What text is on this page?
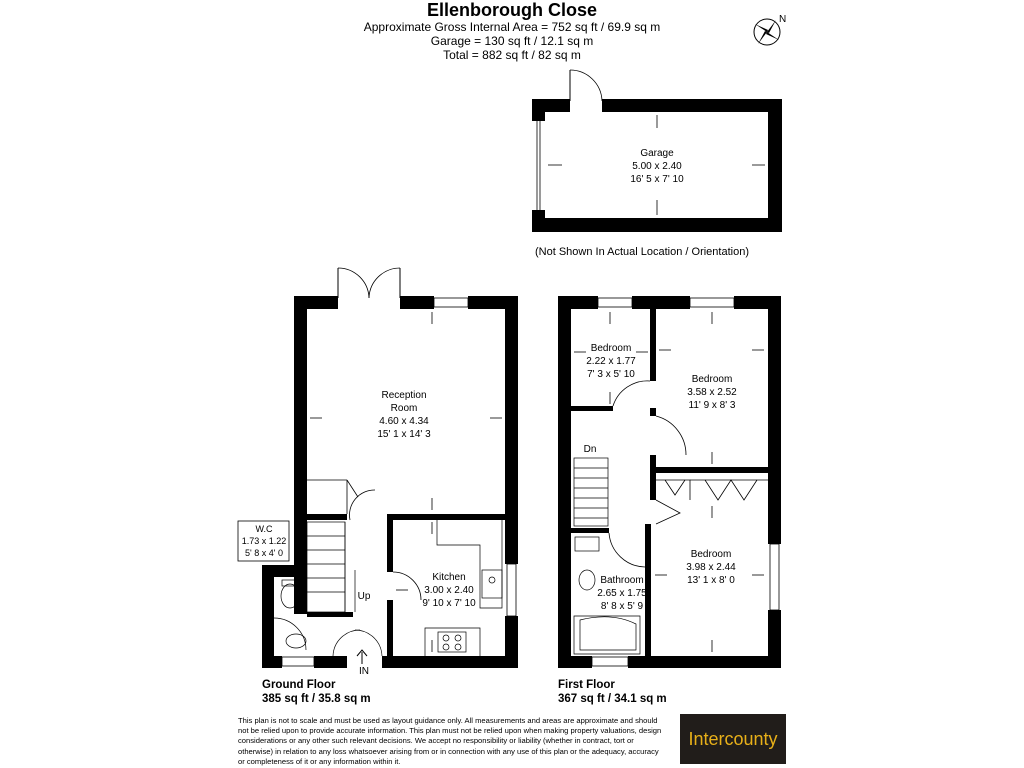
Ellenborough Close
Approximate Gross Internal Area = 752 sq ft / 69.9 sq m
Garage = 130 sq ft / 12.1 sq m
Total = 882 sq ft / 82 sq m
N
Garage
5.00 x 2.40
16' 5 x 7' 10
(Not Shown In Actual Location / Orientation)
Reception
Room
4.60 x 4.34
15' 1 x 14' 3
Kitchen
3.00 x 2.40
9' 10 x 7' 10
Up
IN
W.C
1.73 x 1.22
5' 8 x 4' 0
Ground Floor
385 sq ft / 35.8 sq m
Bedroom
2.22 x 1.77
7' 3 x 5' 10	Bedroom
3.58 x 2.52
11' 9 x 8' 3
Bedroom
3.98 x 2.44
13' 1 x 8' 0
Bathroom
2.65 x 1.75
8' 8 x 5' 9
Dn
First Floor
367 sq ft / 34.1 sq m
This plan is not to scale and must be used as layout guidance only. All measurements and areas are approximate and should not be relied upon to provide accurate information. This plan must not be relied upon when making property valuations, design considerations or any other such relevant decisions. We accept no responsibility or liability (whether in contract, tort or otherwise) in relation to any loss whatsoever arising from or in connection with any use of this plan or the adequacy, accuracy or completeness of it or any information within it.
Intercounty
